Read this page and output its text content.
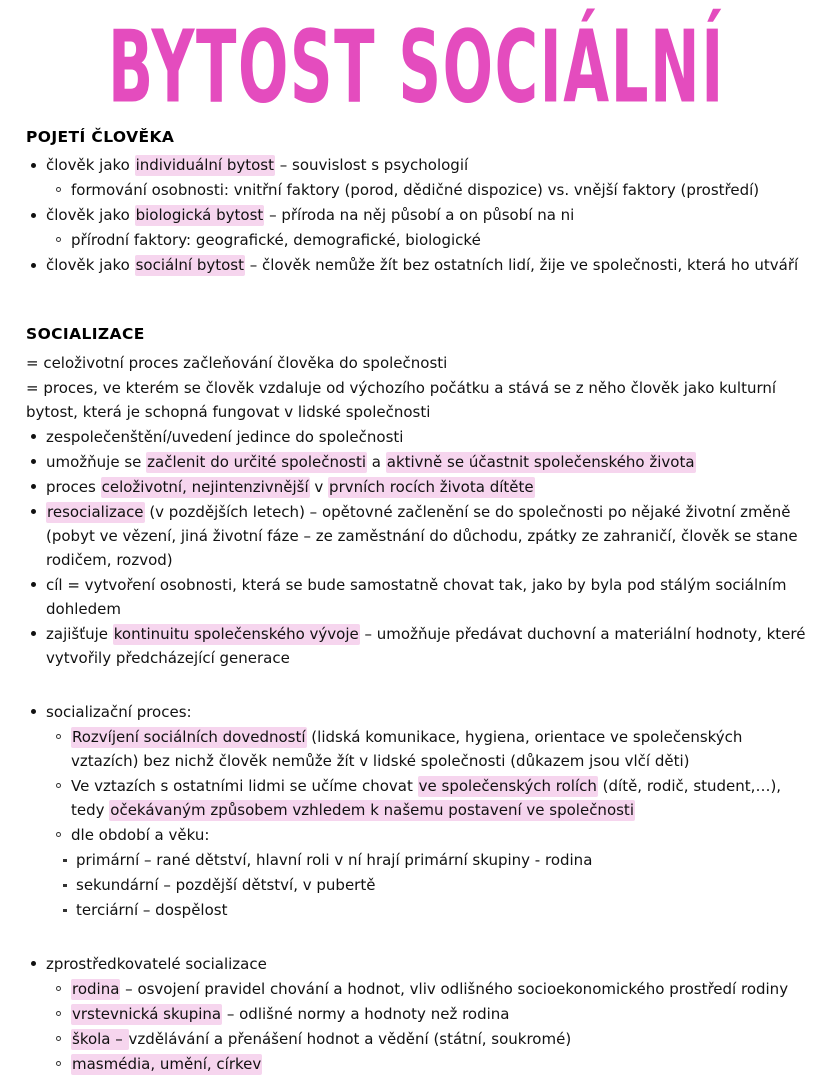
BYTOST SOCIÁLNÍ
POJETÍ ČLOVĚKA
člověk jako individuální bytost – souvislost s psychologií
formování osobnosti: vnitřní faktory (porod, dědičné dispozice) vs. vnější faktory (prostředí)
člověk jako biologická bytost – příroda na něj působí a on působí na ni
přírodní faktory: geografické, demografické, biologické
člověk jako sociální bytost – člověk nemůže žít bez ostatních lidí, žije ve společnosti, která ho utváří
SOCIALIZACE
= celoživotní proces začleňování člověka do společnosti
= proces, ve kterém se člověk vzdaluje od výchozího počátku a stává se z něho člověk jako kulturní bytost, která je schopná fungovat v lidské společnosti
zespolečenštění/uvedení jedince do společnosti
umožňuje se začlenit do určité společnosti a aktivně se účastnit společenského života
proces celoživotní, nejintenzivnější v prvních rocích života dítěte
resocializace (v pozdějších letech) – opětovné začlenění se do společnosti po nějaké životní změně (pobyt ve vězení, jiná životní fáze – ze zaměstnání do důchodu, zpátky ze zahraničí, člověk se stane rodičem, rozvod)
cíl = vytvoření osobnosti, která se bude samostatně chovat tak, jako by byla pod stálým sociálním dohledem
zajišťuje kontinuitu společenského vývoje – umožňuje předávat duchovní a materiální hodnoty, které vytvořily předcházející generace
socializační proces:
Rozvíjení sociálních dovedností (lidská komunikace, hygiena, orientace ve společenských vztazích) bez nichž člověk nemůže žít v lidské společnosti (důkazem jsou vlčí děti)
Ve vztazích s ostatními lidmi se učíme chovat ve společenských rolích (dítě, rodič, student,…), tedy očekávaným způsobem vzhledem k našemu postavení ve společnosti
dle období a věku:
primární – rané dětství, hlavní roli v ní hrají primární skupiny - rodina
sekundární – pozdější dětství, v pubertě
terciární – dospělost
zprostředkovatelé socializace
rodina – osvojení pravidel chování a hodnot, vliv odlišného socioekonomického prostředí rodiny
vrstevnická skupina – odlišné normy a hodnoty než rodina
škola – vzdělávání a přenášení hodnot a vědění (státní, soukromé)
masmédia, umění, církev
